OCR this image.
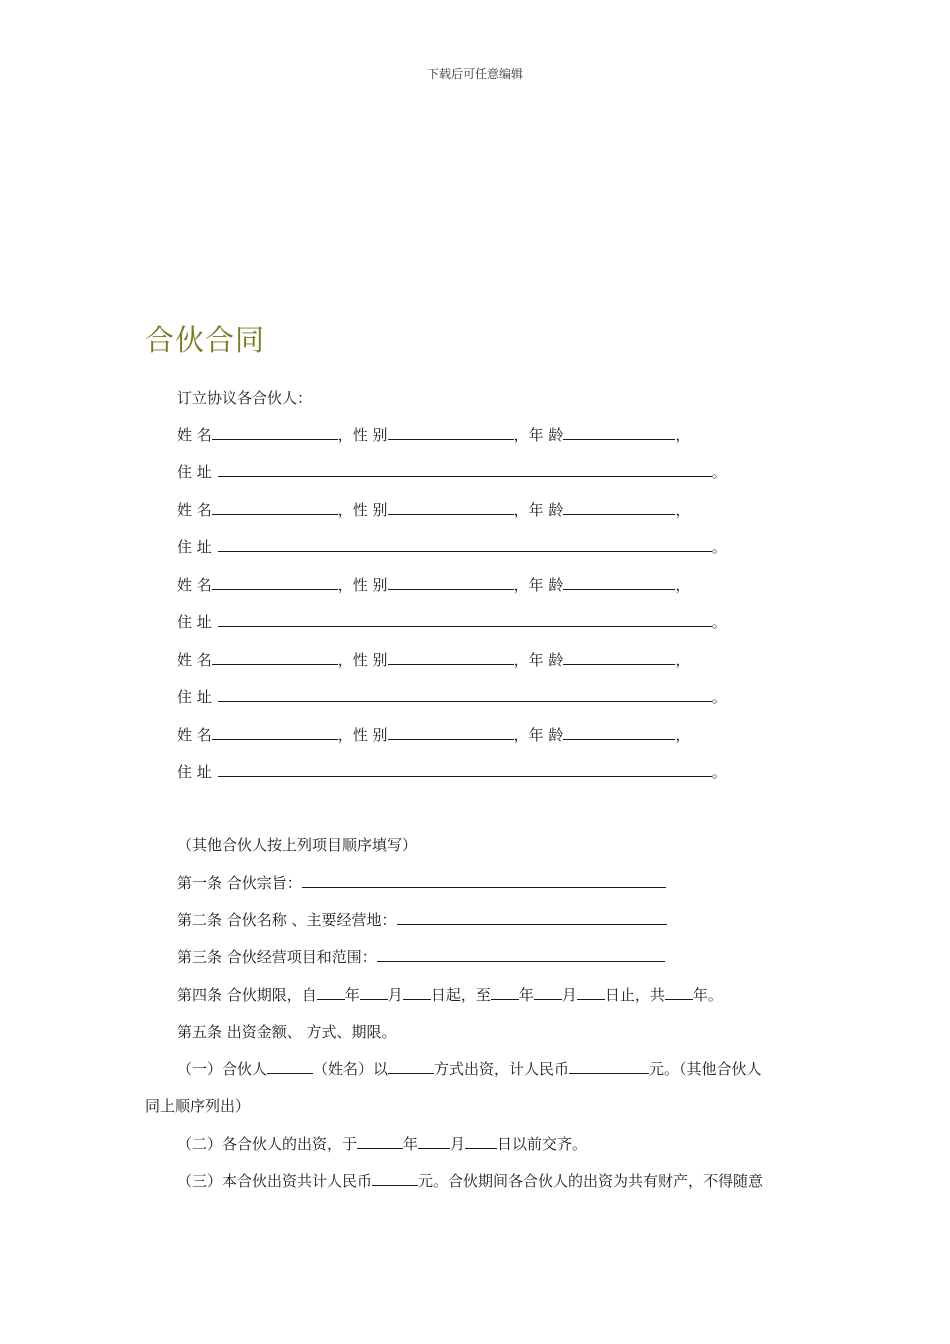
下载后可任意编辑
合伙合同
订立协议各合伙人：
姓 名	，性 别	，年 龄	，
住 址	。
姓 名	，性 别	，年 龄	，
住 址	。
姓 名	，性 别	，年 龄	，
住 址	。
姓 名	，性 别	，年 龄	，
住 址	。
姓 名	，性 别	，年 龄	，
住 址	。
（其他合伙人按上列项目顺序填写）
第一条 合伙宗旨：
第二条 合伙名称 、主要经营地：
第三条 合伙经营项目和范围：
第四条 合伙期限，自 年 月 日起，至 年 月 日止，共 年。
第五条 出资金额、 方式、期限。
（一）合伙人	（姓名）以	方式出资，计人民币	元。（其他合伙人
同上顺序列出）
（二）各合伙人的出资，于	年 月 日以前交齐。
（三）本合伙出资共计人民币	元。合伙期间各合伙人的出资为共有财产，不得随意
